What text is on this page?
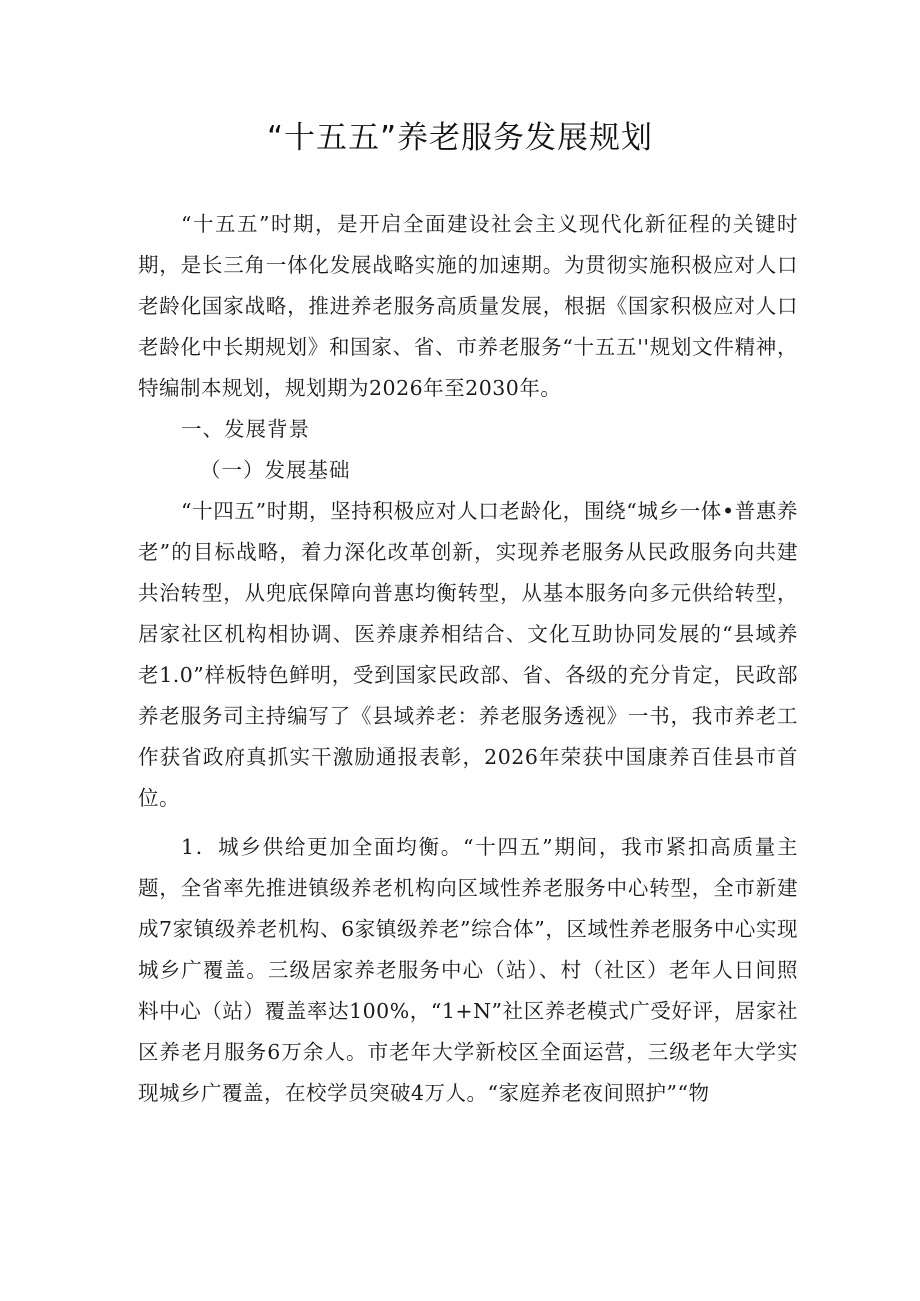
“十五五”养老服务发展规划

“十五五”时期，是开启全面建设社会主义现代化新征程的关键时期，是长三角一体化发展战略实施的加速期。为贯彻实施积极应对人口老龄化国家战略，推进养老服务高质量发展，根据《国家积极应对人口老龄化中长期规划》和国家、省、市养老服务“十五五''规划文件精神，特编制本规划，规划期为2026年至2030年。

一、发展背景

（一）发展基础

“十四五”时期，坚持积极应对人口老龄化，围绕“城乡一体•普惠养老”的目标战略，着力深化改革创新，实现养老服务从民政服务向共建共治转型，从兜底保障向普惠均衡转型，从基本服务向多元供给转型，居家社区机构相协调、医养康养相结合、文化互助协同发展的“县域养老1.0”样板特色鲜明，受到国家民政部、省、各级的充分肯定，民政部养老服务司主持编写了《县域养老：养老服务透视》一书，我市养老工作获省政府真抓实干激励通报表彰，2026年荣获中国康养百佳县市首位。

1．城乡供给更加全面均衡。“十四五”期间，我市紧扣高质量主题，全省率先推进镇级养老机构向区域性养老服务中心转型，全市新建成7家镇级养老机构、6家镇级养老”综合体”，区域性养老服务中心实现城乡广覆盖。三级居家养老服务中心（站）、村（社区）老年人日间照料中心（站）覆盖率达100%，“1+N”社区养老模式广受好评，居家社区养老月服务6万余人。市老年大学新校区全面运营，三级老年大学实现城乡广覆盖，在校学员突破4万人。“家庭养老夜间照护”“物
